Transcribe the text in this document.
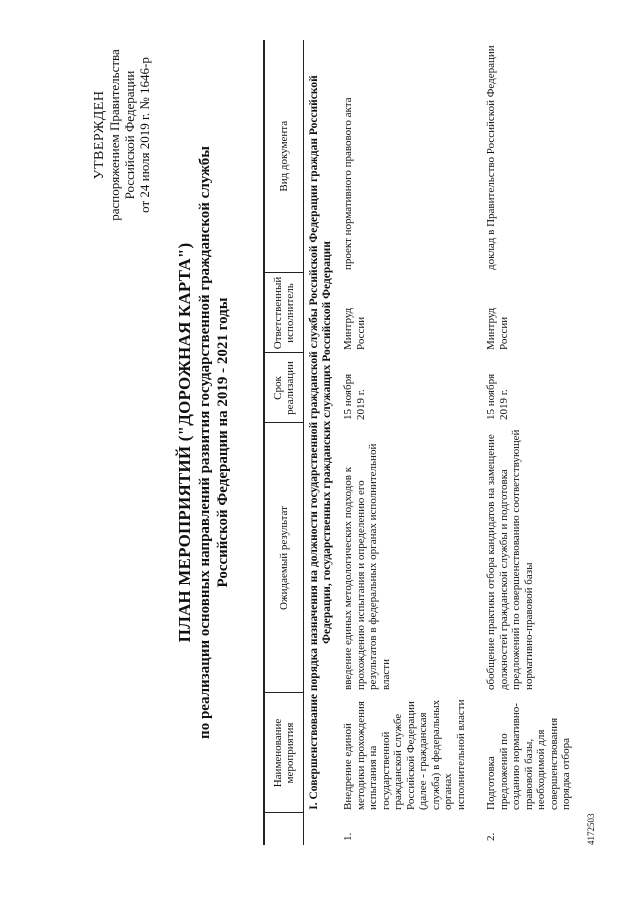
УТВЕРЖДЕН распоряжением Правительства Российской Федерации от 24 июля 2019 г. № 1646-р
ПЛАН МЕРОПРИЯТИЙ ("ДОРОЖНАЯ КАРТА") по реализации основных направлений развития государственной гражданской службы Российской Федерации на 2019 - 2021 годы
	Наименование мероприятия	Ожидаемый результат	Срок реализации	Ответственный исполнитель	Вид документа
I. Совершенствование порядка назначения на должности государственной гражданской службы Российской Федерации граждан Российской Федерации, государственных гражданских служащих Российской Федерации					
1.	Внедрение единой методики прохождения испытания на государственной гражданской службе Российской Федерации (далее - гражданская служба) в федеральных органах исполнительной власти	введение единых методологических подходов к прохождению испытания и определению его результатов в федеральных органах исполнительной власти	15 ноября 2019 г.	Минтруд России	проект нормативного правового акта
2.	Подготовка предложений по созданию нормативно-правовой базы, необходимой для совершенствования порядка отбора	обобщение практики отбора кандидатов на замещение должностей гражданской службы и подготовка предложений по совершенствованию соответствующей нормативно-правовой базы	15 ноября 2019 г.	Минтруд России	доклад в Правительство Российской Федерации
4172503
